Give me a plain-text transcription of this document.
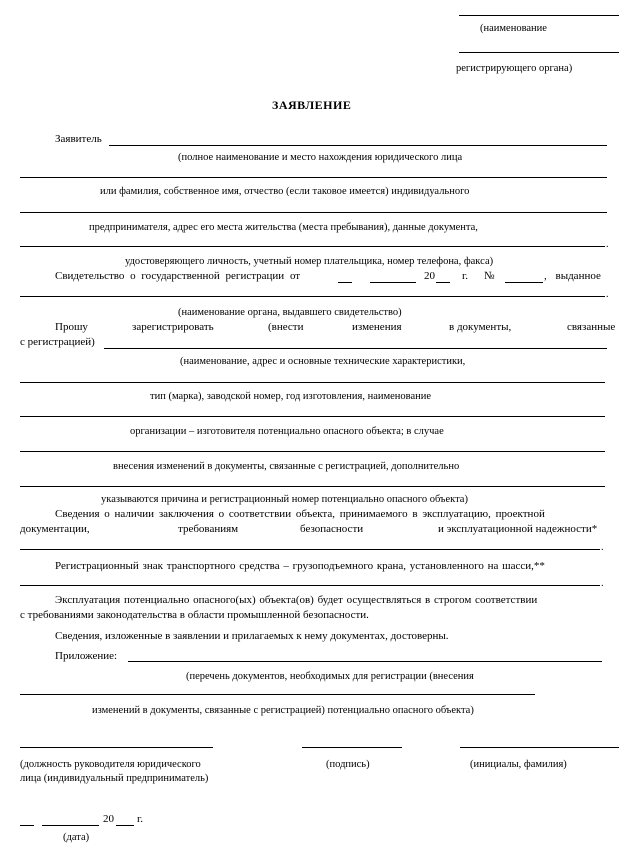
(наименование
регистрирующего органа)
ЗАЯВЛЕНИЕ
Заявитель
(полное наименование и место нахождения юридического лица
или фамилия, собственное имя, отчество (если таковое имеется) индивидуального
предпринимателя, адрес его места жительства (места пребывания), данные документа,
.
удостоверяющего личность, учетный номер плательщика, номер телефона, факса)
Свидетельство о государственной регистрации от	20 г. №	, выданное
.
(наименование органа, выдавшего свидетельство)
Прошу	зарегистрировать	(внести	изменения	в документы,	связанные
с регистрацией)
(наименование, адрес и основные технические характеристики,
тип (марка), заводской номер, год изготовления, наименование
организации – изготовителя потенциально опасного объекта; в случае
внесения изменений в документы, связанные с регистрацией, дополнительно
указываются причина и регистрационный номер потенциально опасного объекта)
Сведения о наличии заключения о соответствии объекта, принимаемого в эксплуатацию, проектной
документации,	требованиям	безопасности	и эксплуатационной надежности*
.
Регистрационный знак транспортного средства – грузоподъемного крана, установленного на шасси,**
.
Эксплуатация потенциально опасного(ых) объекта(ов) будет осуществляться в строгом соответствии
с требованиями законодательства в области промышленной безопасности.
Сведения, изложенные в заявлении и прилагаемых к нему документах, достоверны.
Приложение:
(перечень документов, необходимых для регистрации (внесения
изменений в документы, связанные с регистрацией) потенциально опасного объекта)
(должность руководителя юридического
лица (индивидуальный предприниматель)
(подпись)	(инициалы, фамилия)
20 г.
(дата)
